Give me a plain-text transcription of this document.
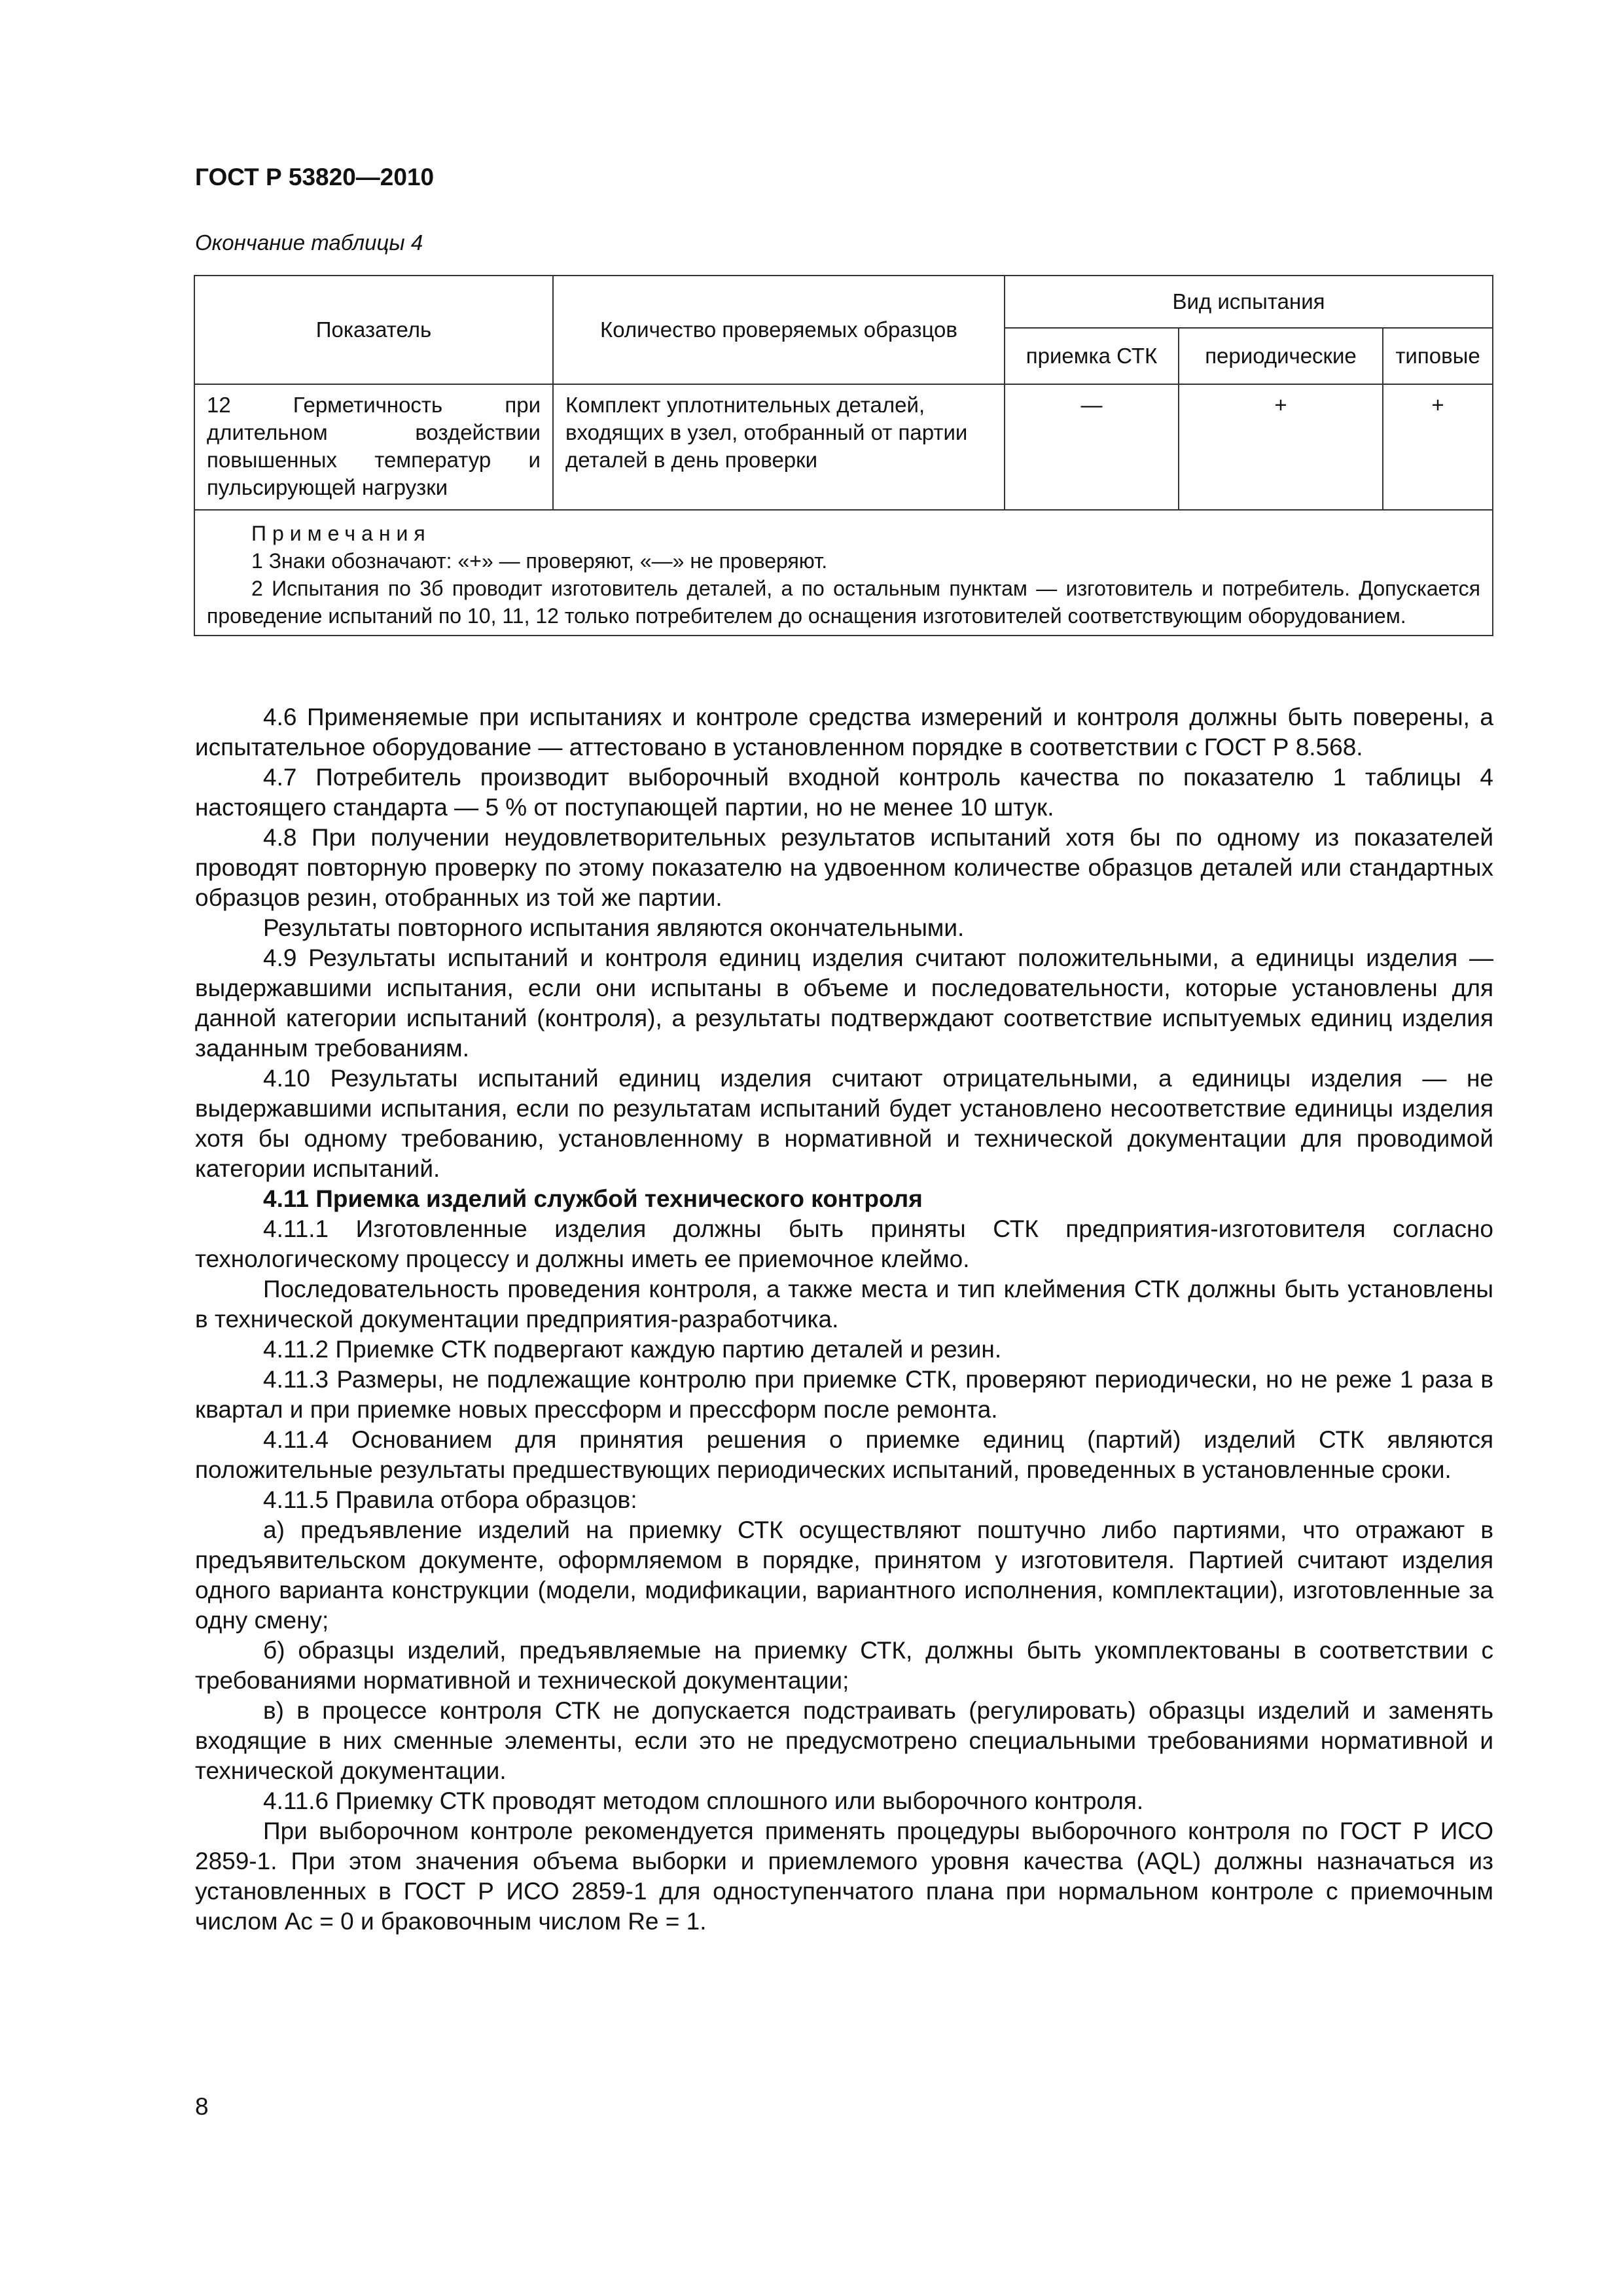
ГОСТ Р 53820—2010
Окончание таблицы 4
Показатель	Количество проверяемых образцов	Вид испытания		
		приемка СТК	периодические	типовые
12 Герметичность при длительном воздействии повышенных температур и пульсирующей нагрузки	Комплект уплотнительных деталей, входящих в узел, отобранный от партии деталей в день проверки	—	+	+

Примечания
1 Знаки обозначают: «+» — проверяют, «—» не проверяют.
2 Испытания по 3б проводит изготовитель деталей, а по остальным пунктам — изготовитель и потребитель. Допускается проведение испытаний по 10, 11, 12 только потребителем до оснащения изготовителей соответствующим оборудованием.				

4.6 Применяемые при испытаниях и контроле средства измерений и контроля должны быть поверены, а испытательное оборудование — аттестовано в установленном порядке в соответствии с ГОСТ Р 8.568.

4.7 Потребитель производит выборочный входной контроль качества по показателю 1 таблицы 4 настоящего стандарта — 5 % от поступающей партии, но не менее 10 штук.

4.8 При получении неудовлетворительных результатов испытаний хотя бы по одному из показателей проводят повторную проверку по этому показателю на удвоенном количестве образцов деталей или стандартных образцов резин, отобранных из той же партии.

Результаты повторного испытания являются окончательными.

4.9 Результаты испытаний и контроля единиц изделия считают положительными, а единицы изделия — выдержавшими испытания, если они испытаны в объеме и последовательности, которые установлены для данной категории испытаний (контроля), а результаты подтверждают соответствие испытуемых единиц изделия заданным требованиям.

4.10 Результаты испытаний единиц изделия считают отрицательными, а единицы изделия — не выдержавшими испытания, если по результатам испытаний будет установлено несоответствие единицы изделия хотя бы одному требованию, установленному в нормативной и технической документации для проводимой категории испытаний.

4.11 Приемка изделий службой технического контроля

4.11.1 Изготовленные изделия должны быть приняты СТК предприятия-изготовителя согласно технологическому процессу и должны иметь ее приемочное клеймо.

Последовательность проведения контроля, а также места и тип клеймения СТК должны быть установлены в технической документации предприятия-разработчика.

4.11.2 Приемке СТК подвергают каждую партию деталей и резин.

4.11.3 Размеры, не подлежащие контролю при приемке СТК, проверяют периодически, но не реже 1 раза в квартал и при приемке новых прессформ и прессформ после ремонта.

4.11.4 Основанием для принятия решения о приемке единиц (партий) изделий СТК являются положительные результаты предшествующих периодических испытаний, проведенных в установленные сроки.

4.11.5 Правила отбора образцов:

а) предъявление изделий на приемку СТК осуществляют поштучно либо партиями, что отражают в предъявительском документе, оформляемом в порядке, принятом у изготовителя. Партией считают изделия одного варианта конструкции (модели, модификации, вариантного исполнения, комплектации), изготовленные за одну смену;

б) образцы изделий, предъявляемые на приемку СТК, должны быть укомплектованы в соответствии с требованиями нормативной и технической документации;

в) в процессе контроля СТК не допускается подстраивать (регулировать) образцы изделий и заменять входящие в них сменные элементы, если это не предусмотрено специальными требованиями нормативной и технической документации.

4.11.6 Приемку СТК проводят методом сплошного или выборочного контроля.

При выборочном контроле рекомендуется применять процедуры выборочного контроля по ГОСТ Р ИСО 2859-1. При этом значения объема выборки и приемлемого уровня качества (AQL) должны назначаться из установленных в ГОСТ Р ИСО 2859-1 для одноступенчатого плана при нормальном контроле с приемочным числом Ac = 0 и браковочным числом Re = 1.

8
